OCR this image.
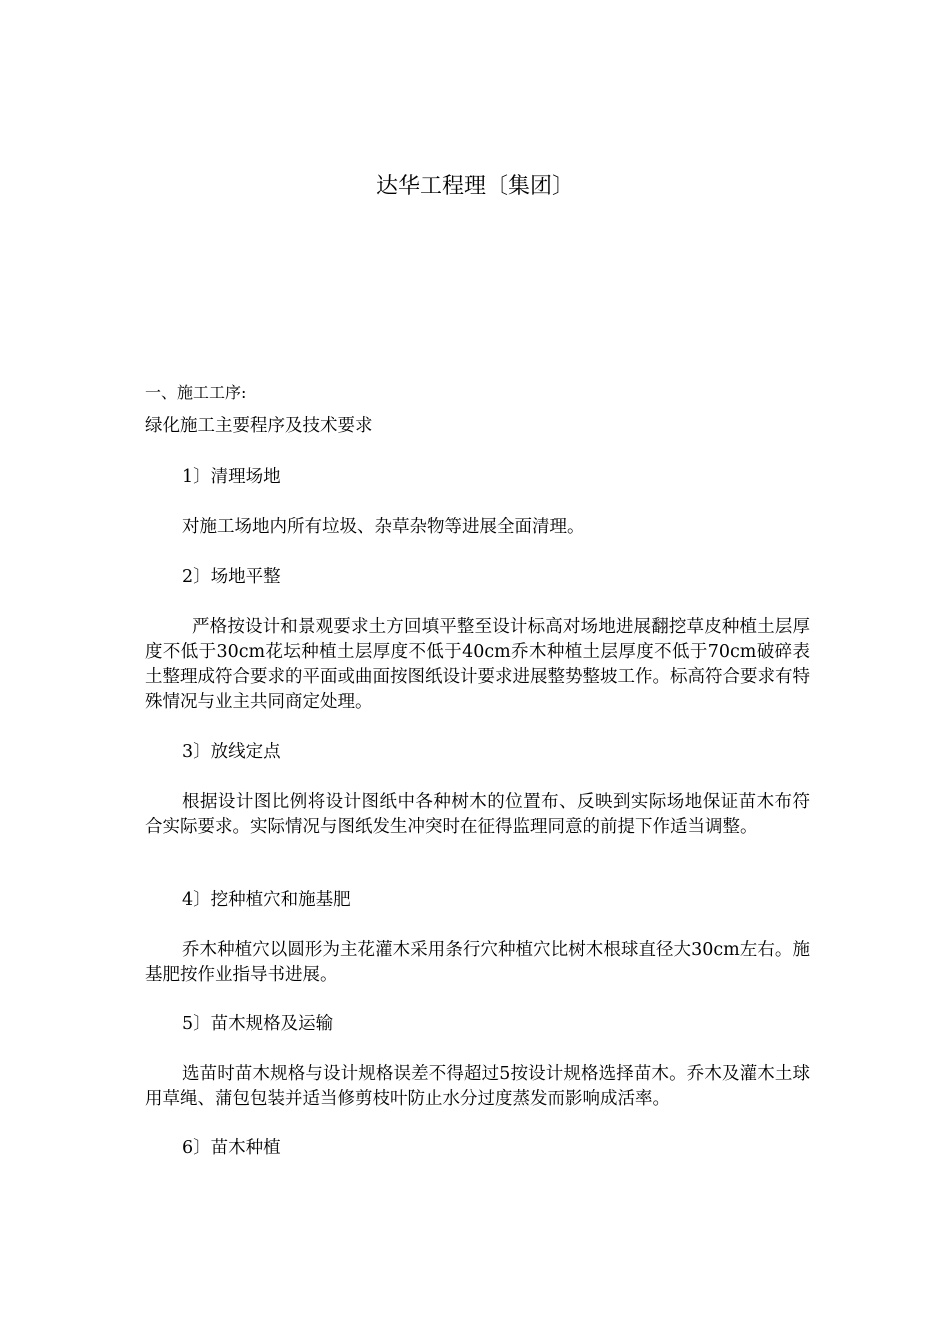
达华工程理〔集团〕
一、施工工序:
绿化施工主要程序及技术要求
1〕清理场地

对施工场地内所有垃圾、杂草杂物等进展全面清理。

2〕场地平整

严格按设计和景观要求土方回填平整至设计标高对场地进展翻挖草皮种植土层厚度不低于30cm花坛种植土层厚度不低于40cm乔木种植土层厚度不低于70cm破碎表土整理成符合要求的平面或曲面按图纸设计要求进展整势整坡工作。标高符合要求有特殊情况与业主共同商定处理。

3〕放线定点

根据设计图比例将设计图纸中各种树木的位置布、反映到实际场地保证苗木布符合实际要求。实际情况与图纸发生冲突时在征得监理同意的前提下作适当调整。

4〕挖种植穴和施基肥

乔木种植穴以圆形为主花灌木采用条行穴种植穴比树木根球直径大30cm左右。施基肥按作业指导书进展。

5〕苗木规格及运输

选苗时苗木规格与设计规格误差不得超过5按设计规格选择苗木。乔木及灌木土球用草绳、蒲包包装并适当修剪枝叶防止水分过度蒸发而影响成活率。

6〕苗木种植
